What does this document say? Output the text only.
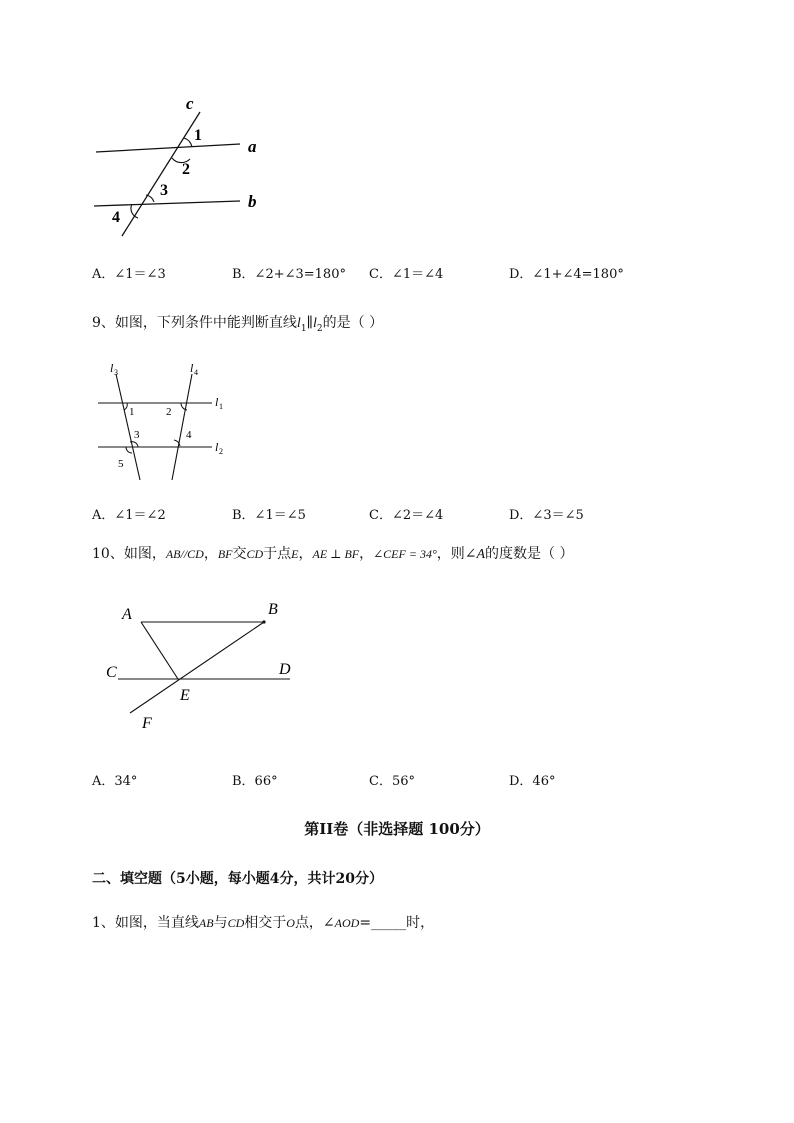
c
a
b
1
2
3
4
A．∠1＝∠3	B．∠2+∠3=180° C．∠1＝∠4	D．∠1+∠4=180°
9、如图，下列条件中能判断直线$l_1\parallel l_2$的是（ ）
l 3	l 4
l 1
l 2
1	2
3	4
5
A．∠1＝∠2	B．∠1＝∠5	C．∠2＝∠4	D．∠3＝∠5
10、如图，AB//CD，BF交CD于点E，AE ⊥ BF，∠CEF = 34°，则∠A的度数是（ ）
A	B
C	D
E
F
A．34°	B．66°	C．56°	D．46°
第II卷（非选择题 100分）
二、填空题（5小题，每小题4分，共计20分）
1、如图，当直线AB与CD相交于O点，∠AOD=_____时，
